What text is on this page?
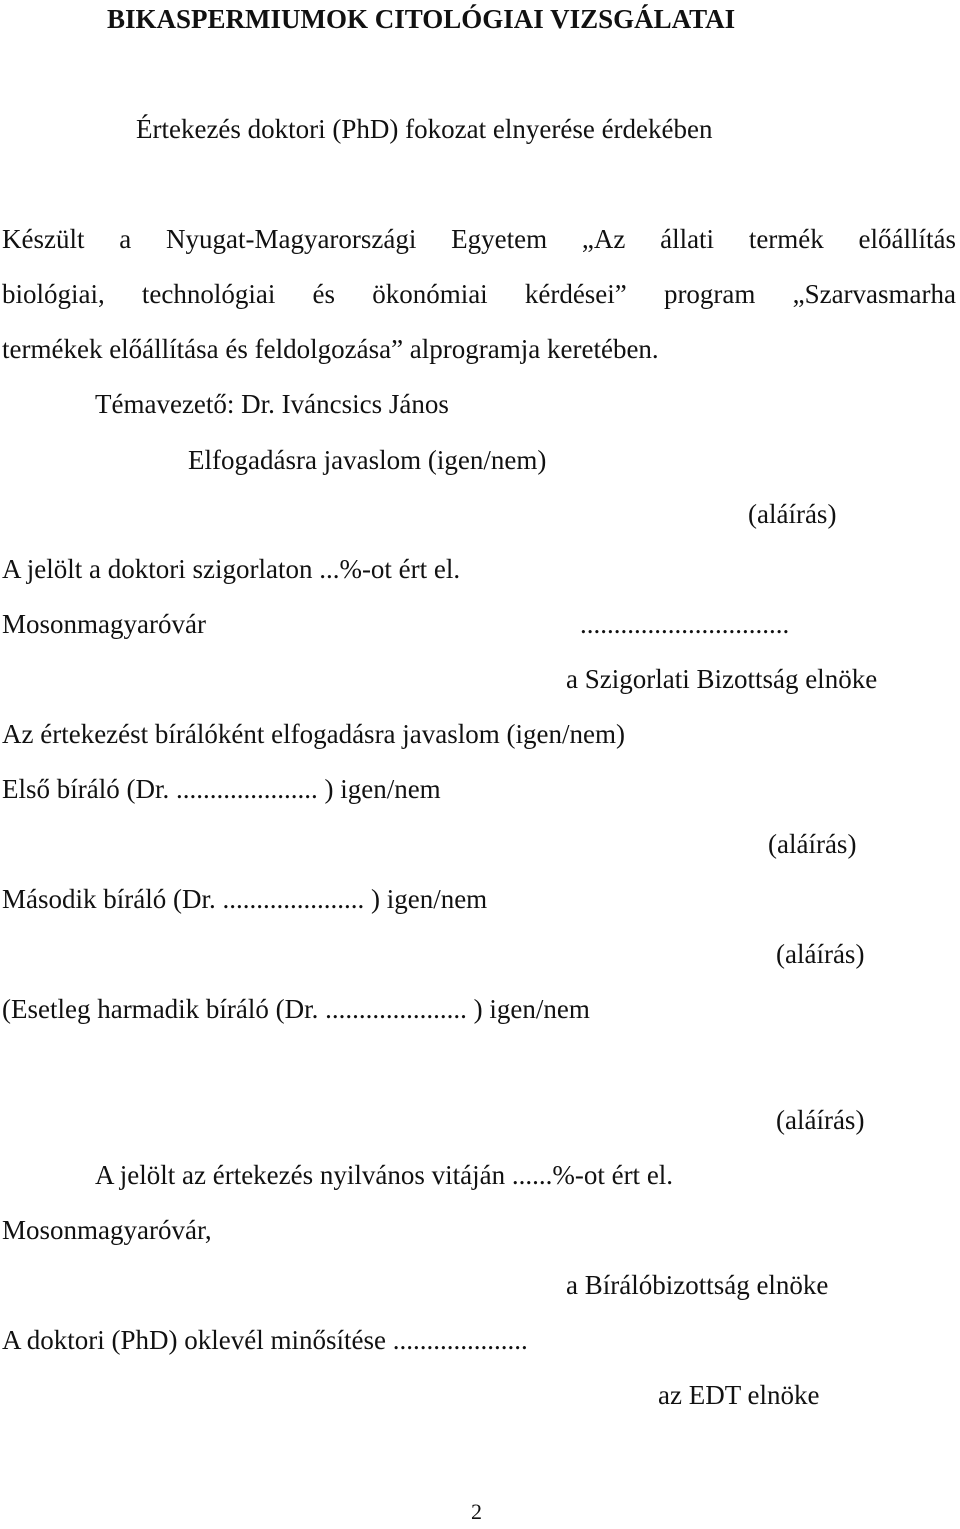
BIKASPERMIUMOK CITOLÓGIAI VIZSGÁLATAI
Értekezés doktori (PhD) fokozat elnyerése érdekében
Készült a Nyugat-Magyarországi Egyetem „Az állati termék előállítás
biológiai, technológiai és ökonómiai kérdései” program „Szarvasmarha
termékek előállítása és feldolgozása” alprogramja keretében.
Témavezető: Dr. Iváncsics János
Elfogadásra javaslom (igen/nem)
(aláírás)
A jelölt a doktori szigorlaton ...%-ot ért el.
Mosonmagyaróvár	...............................
a Szigorlati Bizottság elnöke
Az értekezést bírálóként elfogadásra javaslom (igen/nem)
Első bíráló (Dr. ..................... ) igen/nem
(aláírás)
Második bíráló (Dr. ..................... ) igen/nem
(aláírás)
(Esetleg harmadik bíráló (Dr. ..................... ) igen/nem
(aláírás)
A jelölt az értekezés nyilvános vitáján ......%-ot ért el.
Mosonmagyaróvár,
a Bírálóbizottság elnöke
A doktori (PhD) oklevél minősítése ....................
az EDT elnöke
2
